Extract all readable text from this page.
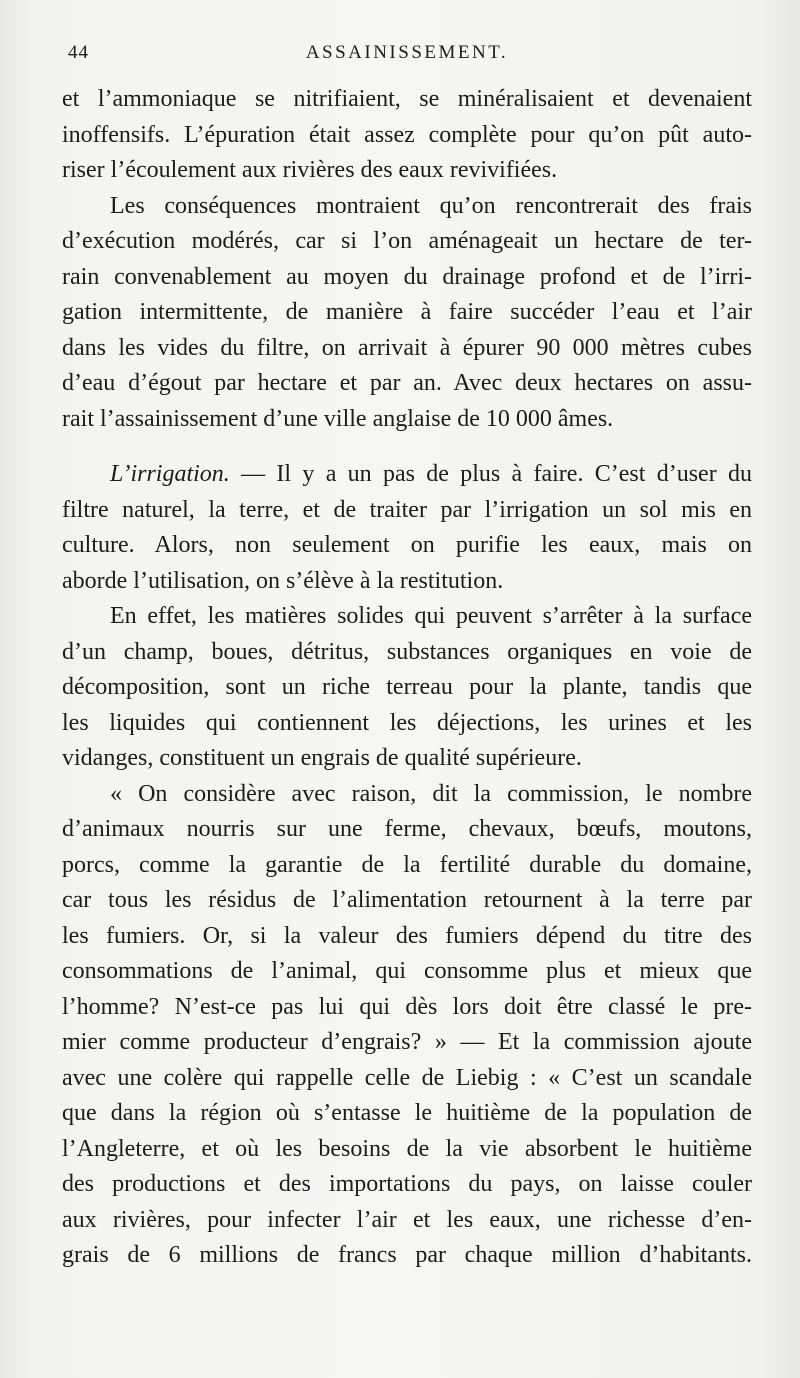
44	ASSAINISSEMENT.
et l’ammoniaque se nitrifiaient, se minéralisaient et devenaient
inoffensifs. L’épuration était assez complète pour qu’on pût auto-
riser l’écoulement aux rivières des eaux revivifiées.
Les conséquences montraient qu’on rencontrerait des frais
d’exécution modérés, car si l’on aménageait un hectare de ter-
rain convenablement au moyen du drainage profond et de l’irri-
gation intermittente, de manière à faire succéder l’eau et l’air
dans les vides du filtre, on arrivait à épurer 90 000 mètres cubes
d’eau d’égout par hectare et par an. Avec deux hectares on assu-
rait l’assainissement d’une ville anglaise de 10 000 âmes.
L’irrigation. — Il y a un pas de plus à faire. C’est d’user du
filtre naturel, la terre, et de traiter par l’irrigation un sol mis en
culture. Alors, non seulement on purifie les eaux, mais on
aborde l’utilisation, on s’élève à la restitution.
En effet, les matières solides qui peuvent s’arrêter à la surface
d’un champ, boues, détritus, substances organiques en voie de
décomposition, sont un riche terreau pour la plante, tandis que
les liquides qui contiennent les déjections, les urines et les
vidanges, constituent un engrais de qualité supérieure.
« On considère avec raison, dit la commission, le nombre
d’animaux nourris sur une ferme, chevaux, bœufs, moutons,
porcs, comme la garantie de la fertilité durable du domaine,
car tous les résidus de l’alimentation retournent à la terre par
les fumiers. Or, si la valeur des fumiers dépend du titre des
consommations de l’animal, qui consomme plus et mieux que
l’homme? N’est-ce pas lui qui dès lors doit être classé le pre-
mier comme producteur d’engrais? » — Et la commission ajoute
avec une colère qui rappelle celle de Liebig : « C’est un scandale
que dans la région où s’entasse le huitième de la population de
l’Angleterre, et où les besoins de la vie absorbent le huitième
des productions et des importations du pays, on laisse couler
aux rivières, pour infecter l’air et les eaux, une richesse d’en-
grais de 6 millions de francs par chaque million d’habitants.
